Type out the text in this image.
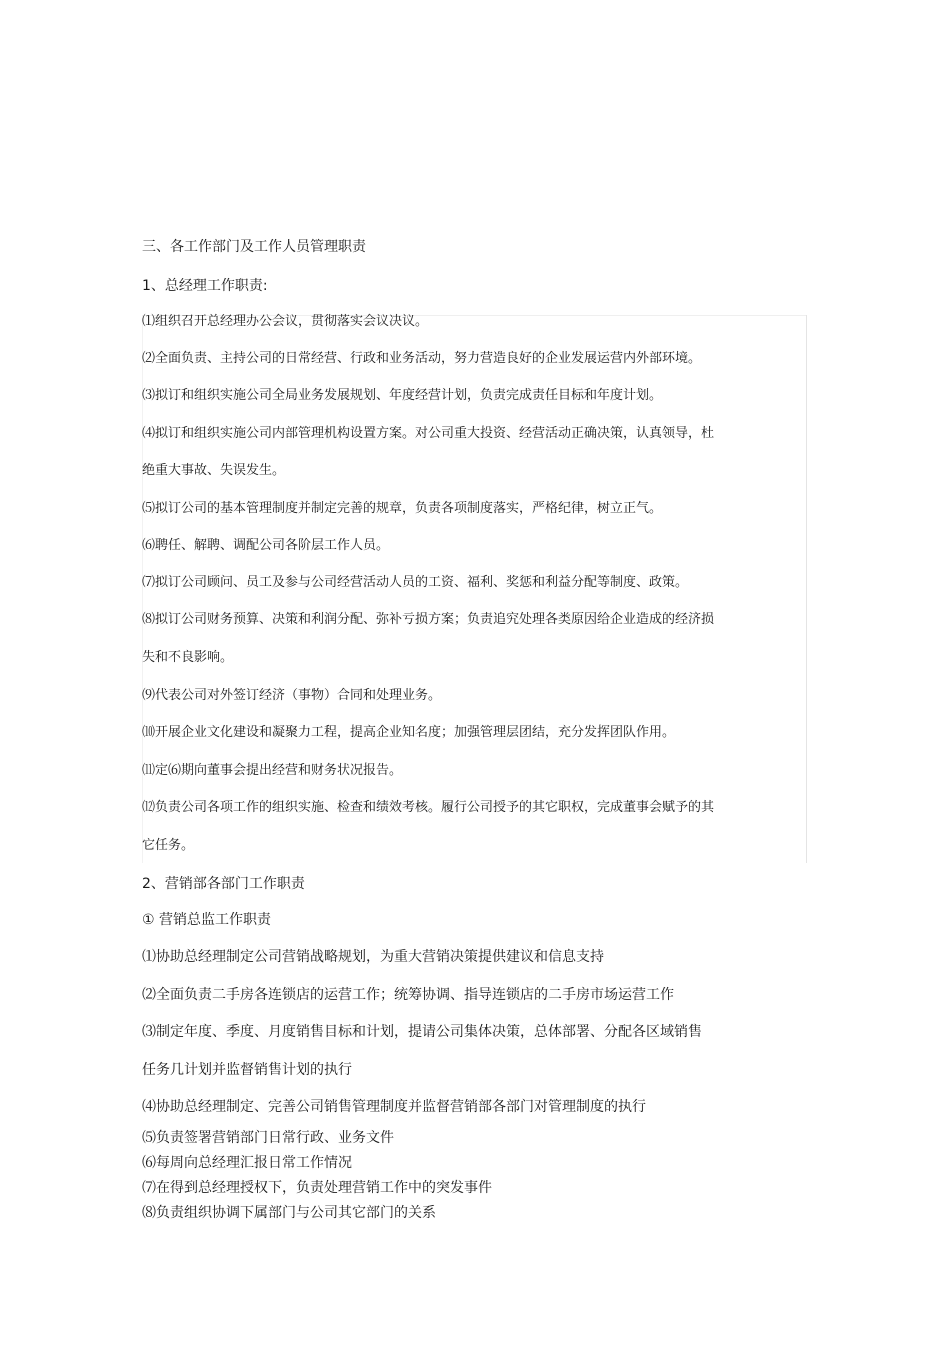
三、各工作部门及工作人员管理职责
1、总经理工作职责:
⑴组织召开总经理办公会议，贯彻落实会议决议。
⑵全面负责、主持公司的日常经营、行政和业务活动，努力营造良好的企业发展运营内外部环境。
⑶拟订和组织实施公司全局业务发展规划、年度经营计划，负责完成责任目标和年度计划。
⑷拟订和组织实施公司内部管理机构设置方案。对公司重大投资、经营活动正确决策，认真领导，杜
绝重大事故、失误发生。
⑸拟订公司的基本管理制度并制定完善的规章，负责各项制度落实，严格纪律，树立正气。
⑹聘任、解聘、调配公司各阶层工作人员。
⑺拟订公司顾问、员工及参与公司经营活动人员的工资、福利、奖惩和利益分配等制度、政策。
⑻拟订公司财务预算、决策和利润分配、弥补亏损方案；负责追究处理各类原因给企业造成的经济损
失和不良影响。
⑼代表公司对外签订经济（事物）合同和处理业务。
⑽开展企业文化建设和凝聚力工程，提高企业知名度；加强管理层团结，充分发挥团队作用。
⑾定⑹期向董事会提出经营和财务状况报告。
⑿负责公司各项工作的组织实施、检查和绩效考核。履行公司授予的其它职权，完成董事会赋予的其
它任务。
2、营销部各部门工作职责
① 营销总监工作职责
⑴协助总经理制定公司营销战略规划，为重大营销决策提供建议和信息支持
⑵全面负责二手房各连锁店的运营工作；统筹协调、指导连锁店的二手房市场运营工作
⑶制定年度、季度、月度销售目标和计划，提请公司集体决策，总体部署、分配各区域销售
任务几计划并监督销售计划的执行
⑷协助总经理制定、完善公司销售管理制度并监督营销部各部门对管理制度的执行
⑸负责签署营销部门日常行政、业务文件
⑹每周向总经理汇报日常工作情况
⑺在得到总经理授权下，负责处理营销工作中的突发事件
⑻负责组织协调下属部门与公司其它部门的关系
